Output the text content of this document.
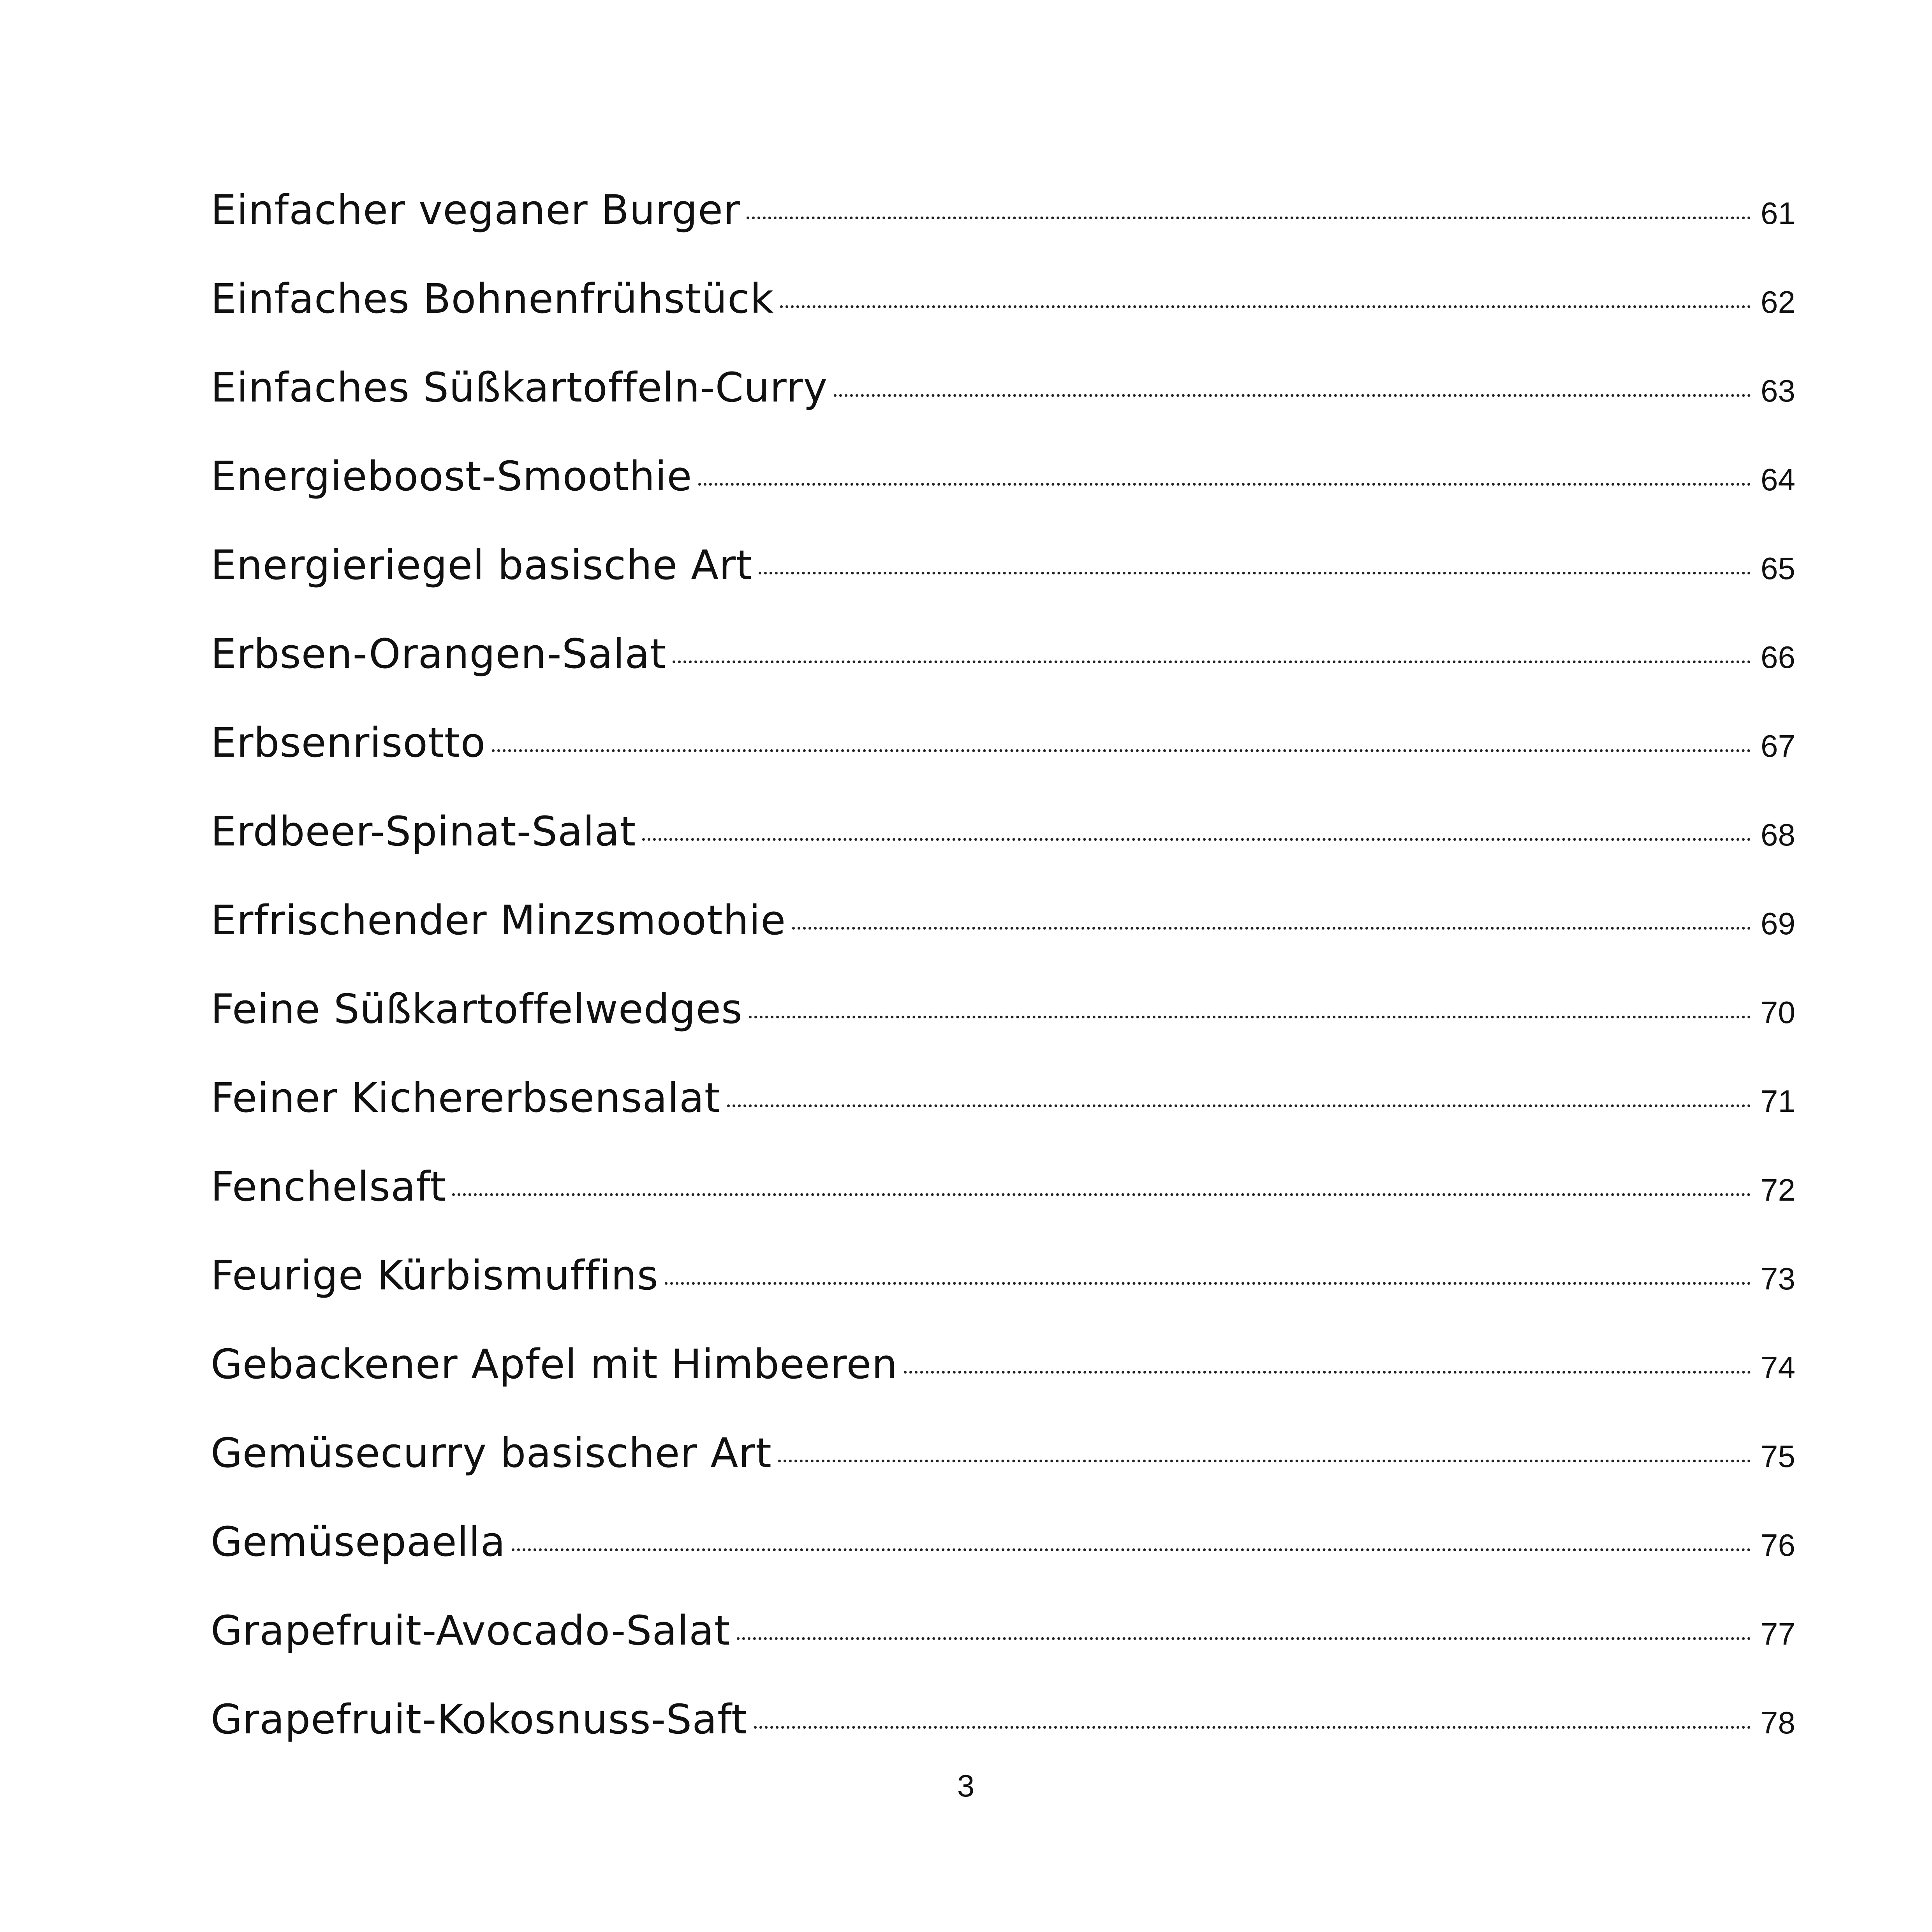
Einfacher veganer Burger	61
Einfaches Bohnenfrühstück	62
Einfaches Süßkartoffeln-Curry	63
Energieboost-Smoothie	64
Energieriegel basische Art	65
Erbsen-Orangen-Salat	66
Erbsenrisotto	67
Erdbeer-Spinat-Salat	68
Erfrischender Minzsmoothie	69
Feine Süßkartoffelwedges	70
Feiner Kichererbsensalat	71
Fenchelsaft	72
Feurige Kürbismuffins	73
Gebackener Apfel mit Himbeeren	74
Gemüsecurry basischer Art	75
Gemüsepaella	76
Grapefruit-Avocado-Salat	77
Grapefruit-Kokosnuss-Saft	78
3
